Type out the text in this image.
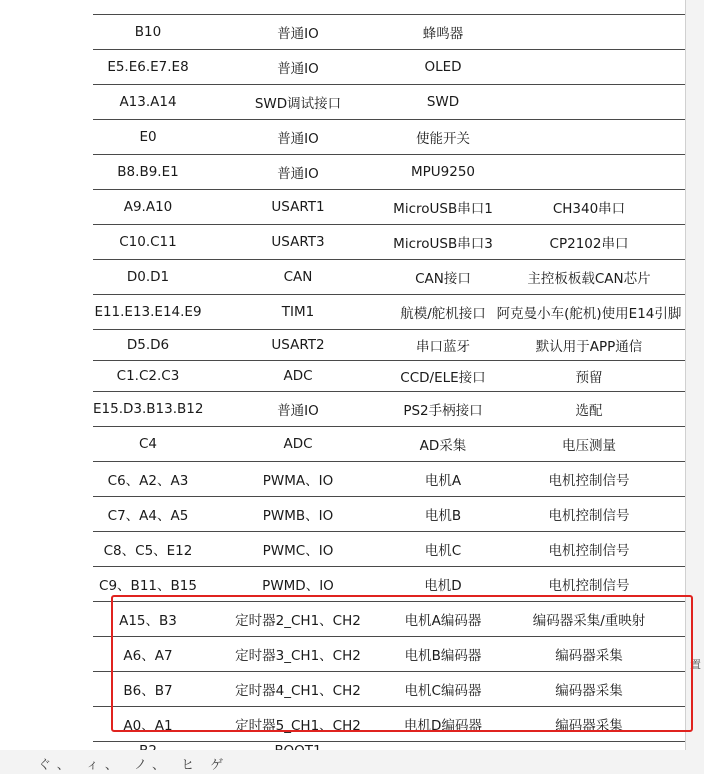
置
B10	普通IO	蜂鸣器	
E5.E6.E7.E8	普通IO	OLED	
A13.A14	SWD调试接口	SWD	
E0	普通IO	使能开关	
B8.B9.E1	普通IO	MPU9250	
A9.A10	USART1	MicroUSB串口1	CH340串口
C10.C11	USART3	MicroUSB串口3	CP2102串口
D0.D1	CAN	CAN接口	主控板板载CAN芯片
E11.E13.E14.E9	TIM1	航模/舵机接口	阿克曼小车(舵机)使用E14引脚
D5.D6	USART2	串口蓝牙	默认用于APP通信
C1.C2.C3	ADC	CCD/ELE接口	预留
E15.D3.B13.B12	普通IO	PS2手柄接口	选配
C4	ADC	AD采集	电压测量
C6、A2、A3	PWMA、IO	电机A	电机控制信号
C7、A4、A5	PWMB、IO	电机B	电机控制信号
C8、C5、E12	PWMC、IO	电机C	电机控制信号
C9、B11、B15	PWMD、IO	电机D	电机控制信号
A15、B3	定时器2_CH1、CH2	电机A编码器	编码器采集/重映射
A6、A7	定时器3_CH1、CH2	电机B编码器	编码器采集
B6、B7	定时器4_CH1、CH2	电机C编码器	编码器采集
A0、A1	定时器5_CH1、CH2	电机D编码器	编码器采集

ぐ、 ィ、 ノ、 ヒ ゲ
